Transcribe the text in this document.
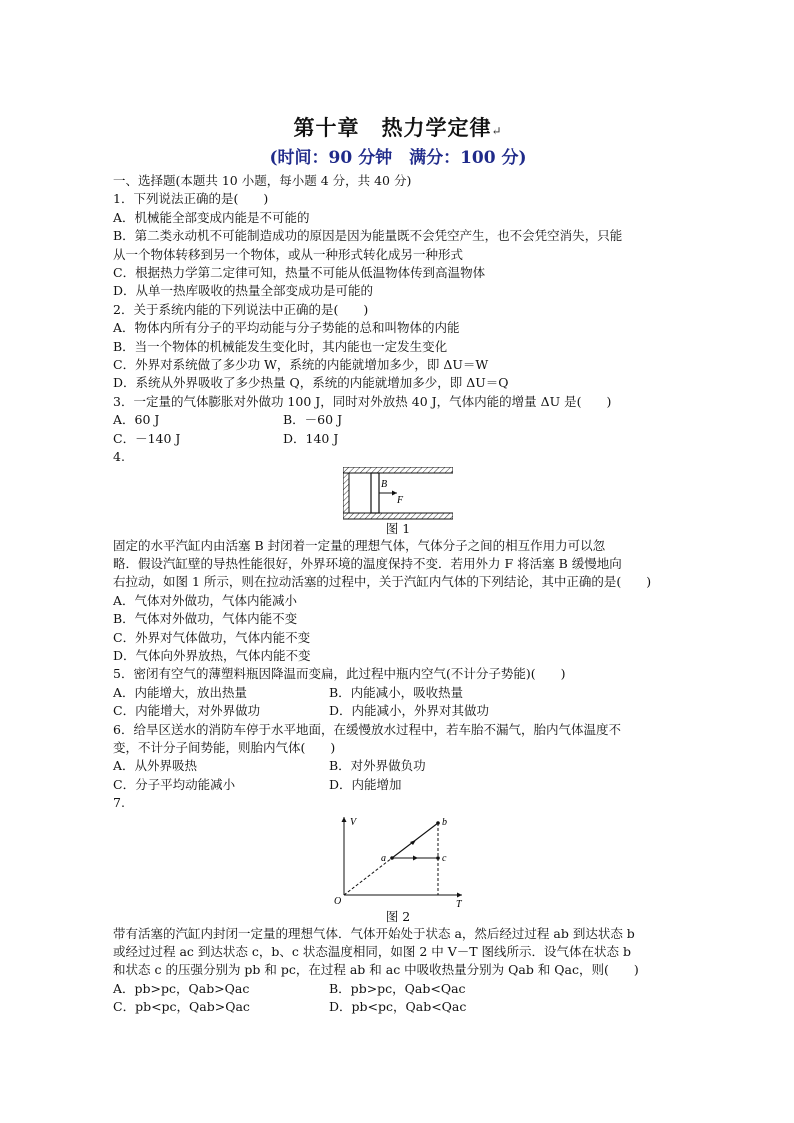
第十章　热力学定律↵
(时间：90 分钟　满分：100 分)
一、选择题(本题共 10 小题，每小题 4 分，共 40 分)
1．下列说法正确的是(　　)
A．机械能全部变成内能是不可能的
B．第二类永动机不可能制造成功的原因是因为能量既不会凭空产生，也不会凭空消失，只能
从一个物体转移到另一个物体，或从一种形式转化成另一种形式
C．根据热力学第二定律可知，热量不可能从低温物体传到高温物体
D．从单一热库吸收的热量全部变成功是可能的
2．关于系统内能的下列说法中正确的是(　　)
A．物体内所有分子的平均动能与分子势能的总和叫物体的内能
B．当一个物体的机械能发生变化时，其内能也一定发生变化
C．外界对系统做了多少功 W，系统的内能就增加多少，即 ΔU＝W
D．系统从外界吸收了多少热量 Q，系统的内能就增加多少，即 ΔU＝Q
3．一定量的气体膨胀对外做功 100 J，同时对外放热 40 J，气体内能的增量 ΔU 是(　　)
A．60 J	B．－60 J
C．－140 J	D．140 J
4.
B
F
图 1
固定的水平汽缸内由活塞 B 封闭着一定量的理想气体，气体分子之间的相互作用力可以忽
略．假设汽缸壁的导热性能很好，外界环境的温度保持不变．若用外力 F 将活塞 B 缓慢地向
右拉动，如图 1 所示，则在拉动活塞的过程中，关于汽缸内气体的下列结论，其中正确的是(　　)
A．气体对外做功，气体内能减小
B．气体对外做功，气体内能不变
C．外界对气体做功，气体内能不变
D．气体向外界放热，气体内能不变
5．密闭有空气的薄塑料瓶因降温而变扁，此过程中瓶内空气(不计分子势能)(　　)
A．内能增大，放出热量	B．内能减小，吸收热量
C．内能增大，对外界做功	D．内能减小，外界对其做功
6．给旱区送水的消防车停于水平地面，在缓慢放水过程中，若车胎不漏气，胎内气体温度不
变，不计分子间势能，则胎内气体(　　)
A．从外界吸热	B．对外界做负功
C．分子平均动能减小	D．内能增加
7.
V
T
O
a
b
c
图 2
带有活塞的汽缸内封闭一定量的理想气体．气体开始处于状态 a，然后经过过程 ab 到达状态 b
或经过过程 ac 到达状态 c，b、c 状态温度相同，如图 2 中 V－T 图线所示．设气体在状态 b
和状态 c 的压强分别为 pb 和 pc，在过程 ab 和 ac 中吸收热量分别为 Qab 和 Qac，则(　　)
A．pb>pc，Qab>Qac	B．pb>pc，Qab<Qac
C．pb<pc，Qab>Qac	D．pb<pc，Qab<Qac
